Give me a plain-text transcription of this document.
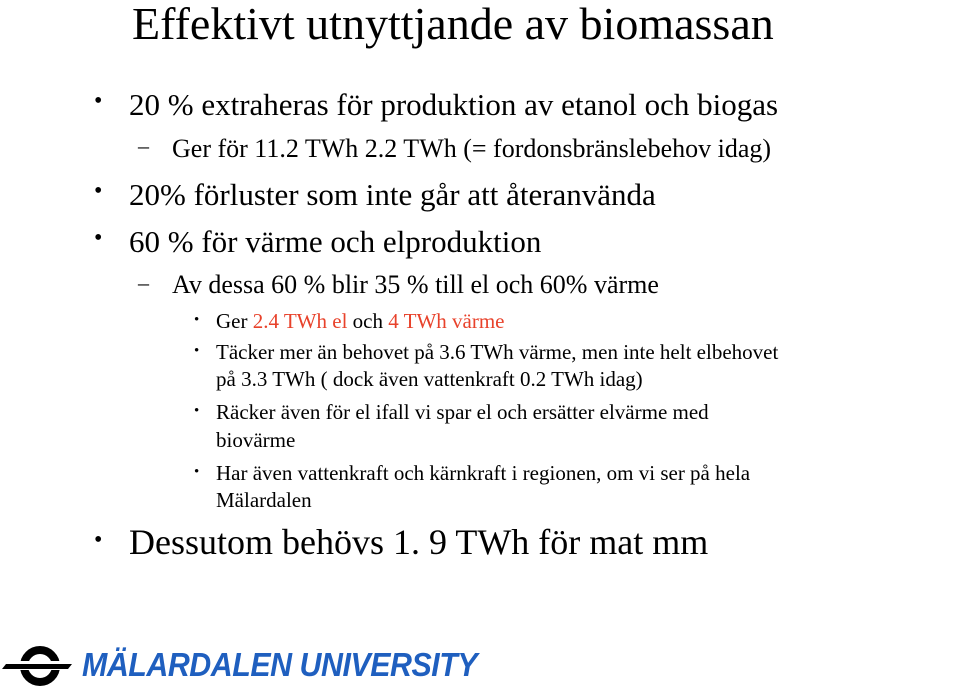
Effektivt utnyttjande av biomassan
• 20 % extraheras för produktion av etanol och biogas
– Ger för 11.2 TWh 2.2 TWh (= fordonsbränslebehov idag)
• 20% förluster som inte går att återanvända
• 60 % för värme och elproduktion
– Av dessa 60 % blir 35 % till el och 60% värme
• Ger 2.4 TWh el och 4 TWh värme
• Täcker mer än behovet på 3.6 TWh värme, men inte helt elbehovet
på 3.3 TWh ( dock även vattenkraft 0.2 TWh idag)
• Räcker även för el ifall vi spar el och ersätter elvärme med
biovärme
• Har även vattenkraft och kärnkraft i regionen, om vi ser på hela
Mälardalen
• Dessutom behövs 1. 9 TWh för mat mm
MÄLARDALEN UNIVERSITY
